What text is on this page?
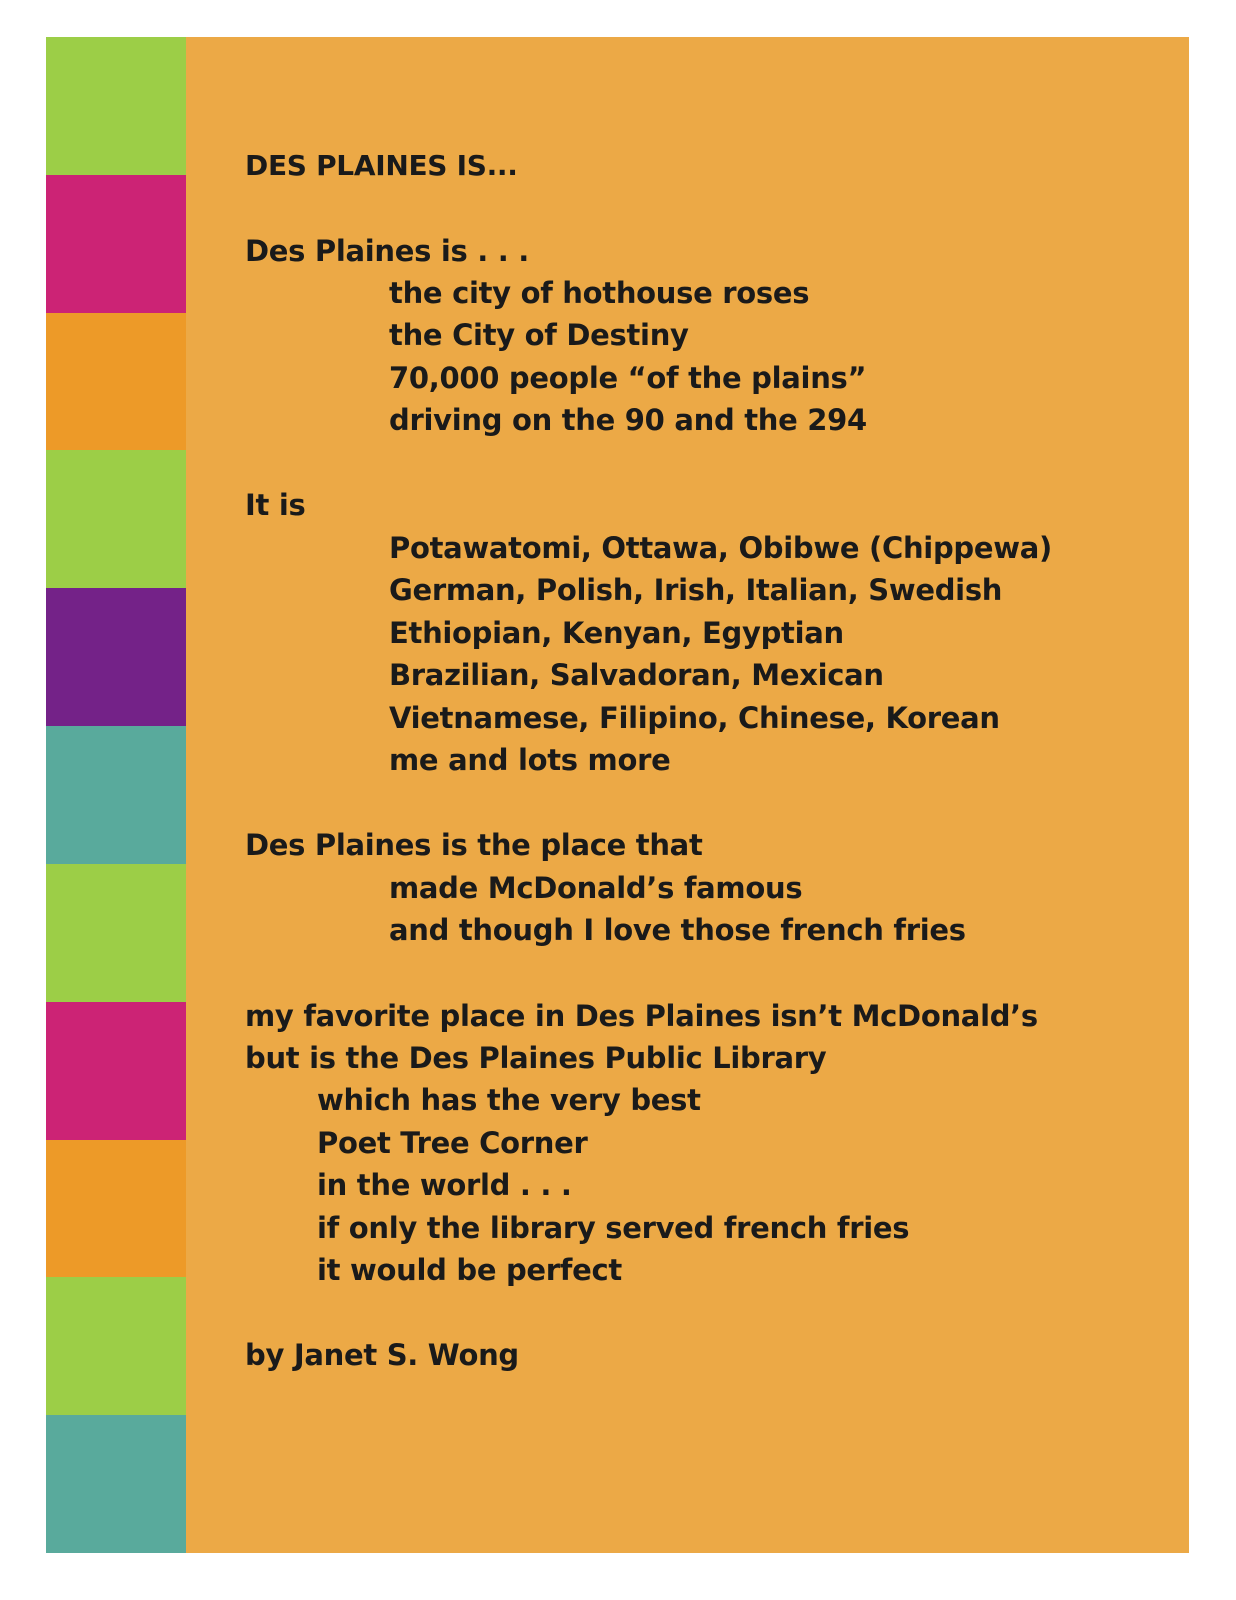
DES PLAINES IS...
Des Plaines is . . .
the city of hothouse roses
the City of Destiny
70,000 people “of the plains”
driving on the 90 and the 294
It is
Potawatomi, Ottawa, Obibwe (Chippewa)
German, Polish, Irish, Italian, Swedish
Ethiopian, Kenyan, Egyptian
Brazilian, Salvadoran, Mexican
Vietnamese, Filipino, Chinese, Korean
me and lots more
Des Plaines is the place that
made McDonald’s famous
and though I love those french fries
my favorite place in Des Plaines isn’t McDonald’s
but is the Des Plaines Public Library
which has the very best
Poet Tree Corner
in the world . . .
if only the library served french fries
it would be perfect
by Janet S. Wong
